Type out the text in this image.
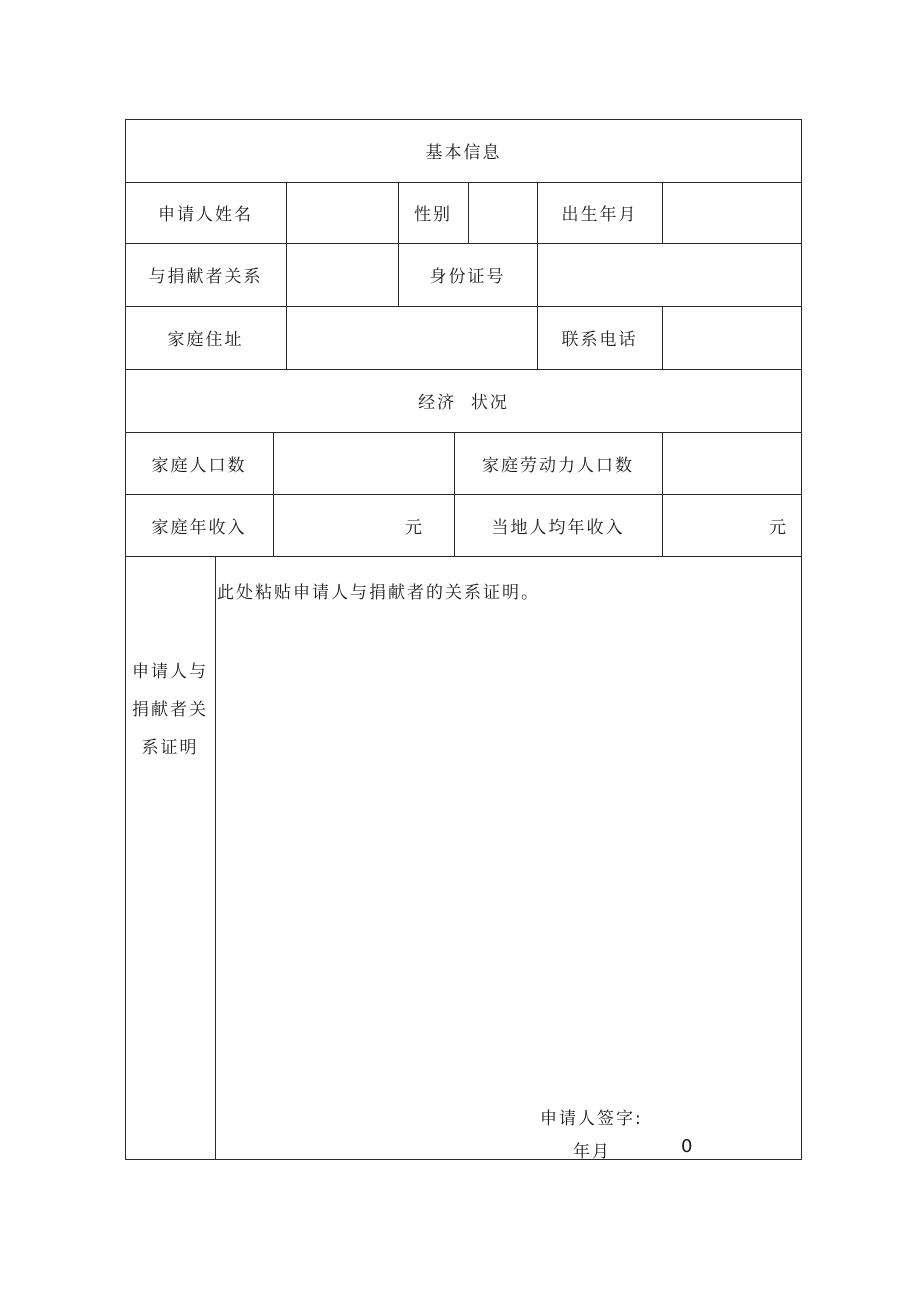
基本信息
申请人姓名	性别	出生年月
与捐献者关系	身份证号
家庭住址	联系电话
经济  状况
家庭人口数	家庭劳动力人口数
家庭年收入	元	当地人均年收入	元
申请人与
捐献者关
系证明
此处粘贴申请人与捐献者的关系证明。
申请人签字:
年月	0
